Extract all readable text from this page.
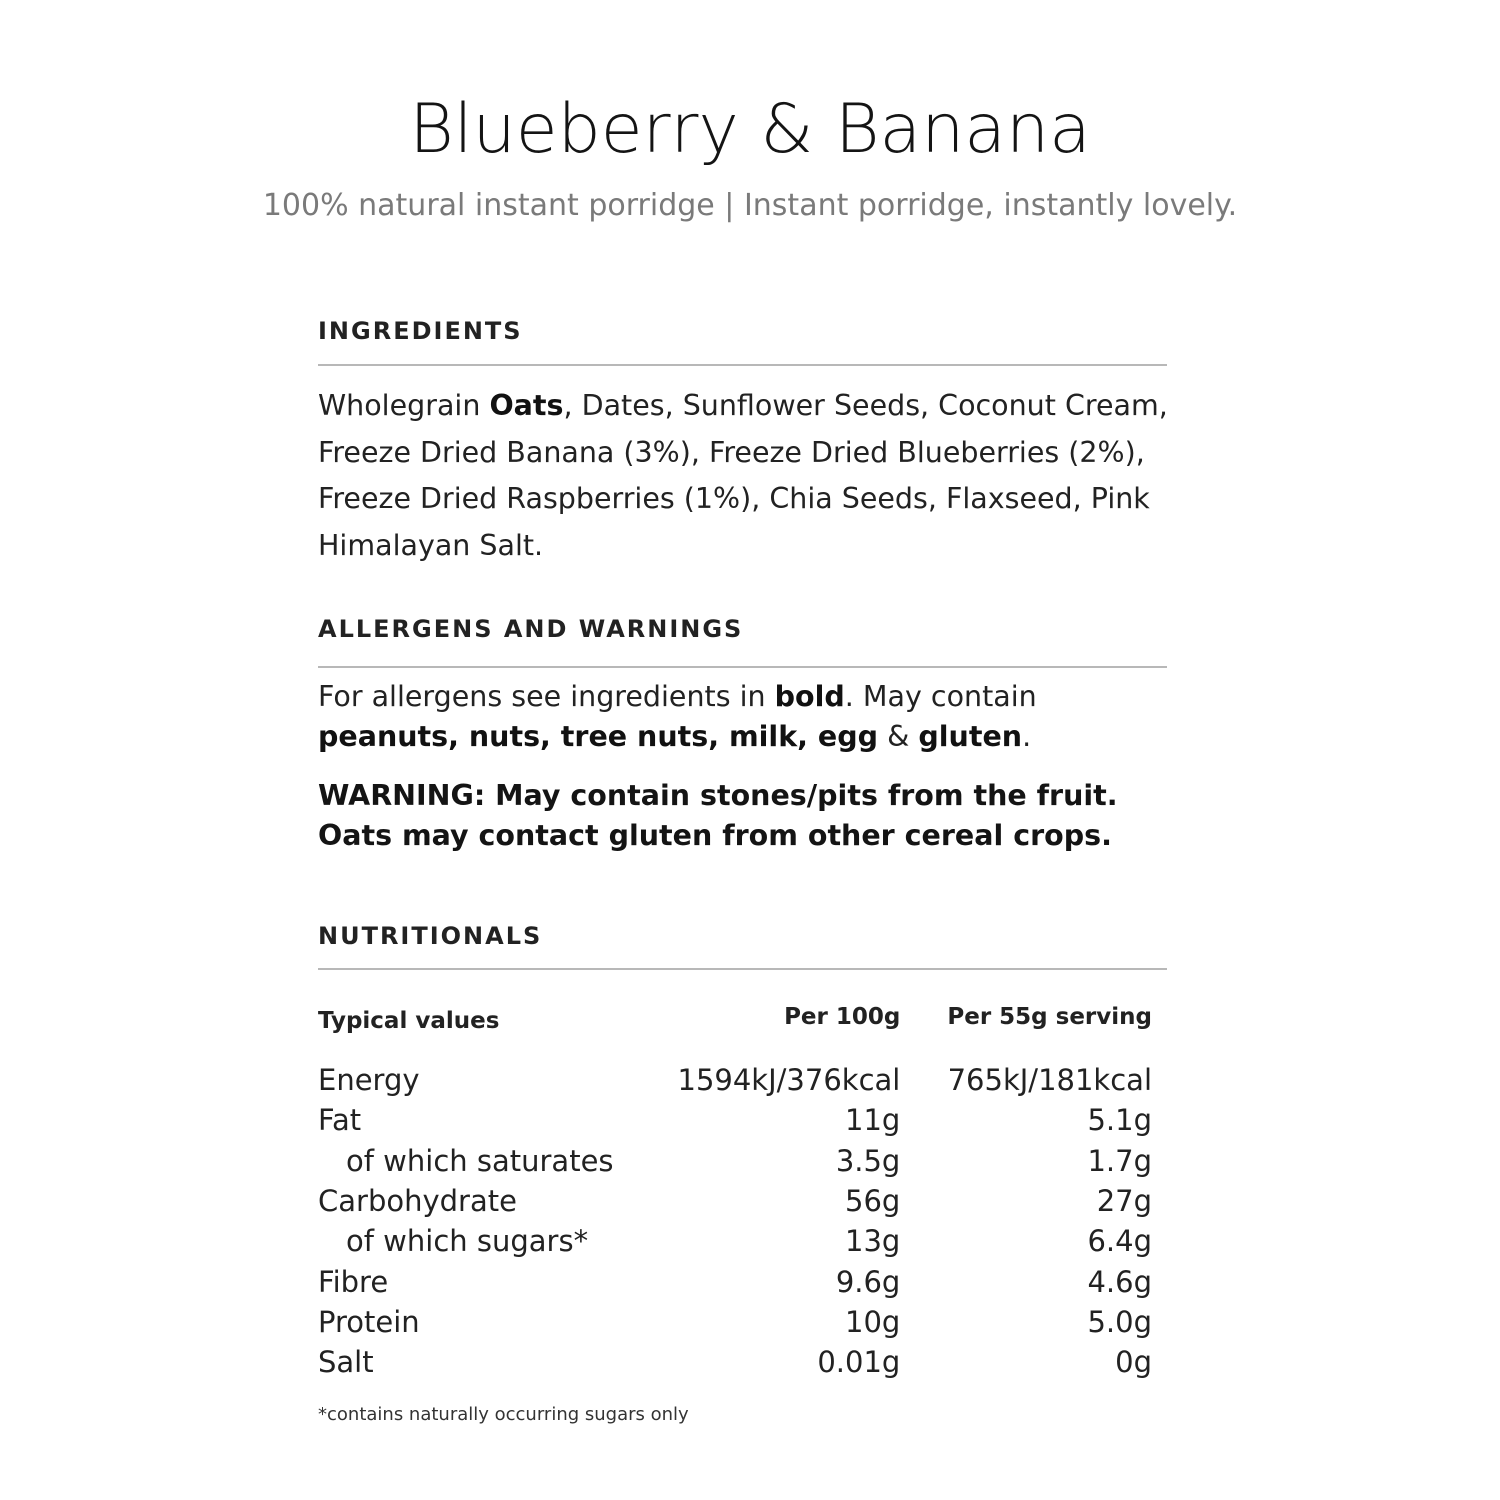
Blueberry & Banana
100% natural instant porridge | Instant porridge, instantly lovely.
INGREDIENTS
Wholegrain Oats, Dates, Sunflower Seeds, Coconut Cream, Freeze Dried Banana (3%), Freeze Dried Blueberries (2%), Freeze Dried Raspberries (1%), Chia Seeds, Flaxseed, Pink Himalayan Salt.
ALLERGENS AND WARNINGS
For allergens see ingredients in bold. May contain peanuts, nuts, tree nuts, milk, egg & gluten.
WARNING: May contain stones/pits from the fruit.
Oats may contact gluten from other cereal crops.
NUTRITIONALS
Typical values	Per 100g	Per 55g serving
Energy	1594kJ/376kcal	765kJ/181kcal
Fat	11g	5.1g
of which saturates	3.5g	1.7g
Carbohydrate	56g	27g
of which sugars*	13g	6.4g
Fibre	9.6g	4.6g
Protein	10g	5.0g
Salt	0.01g	0g
*contains naturally occurring sugars only
